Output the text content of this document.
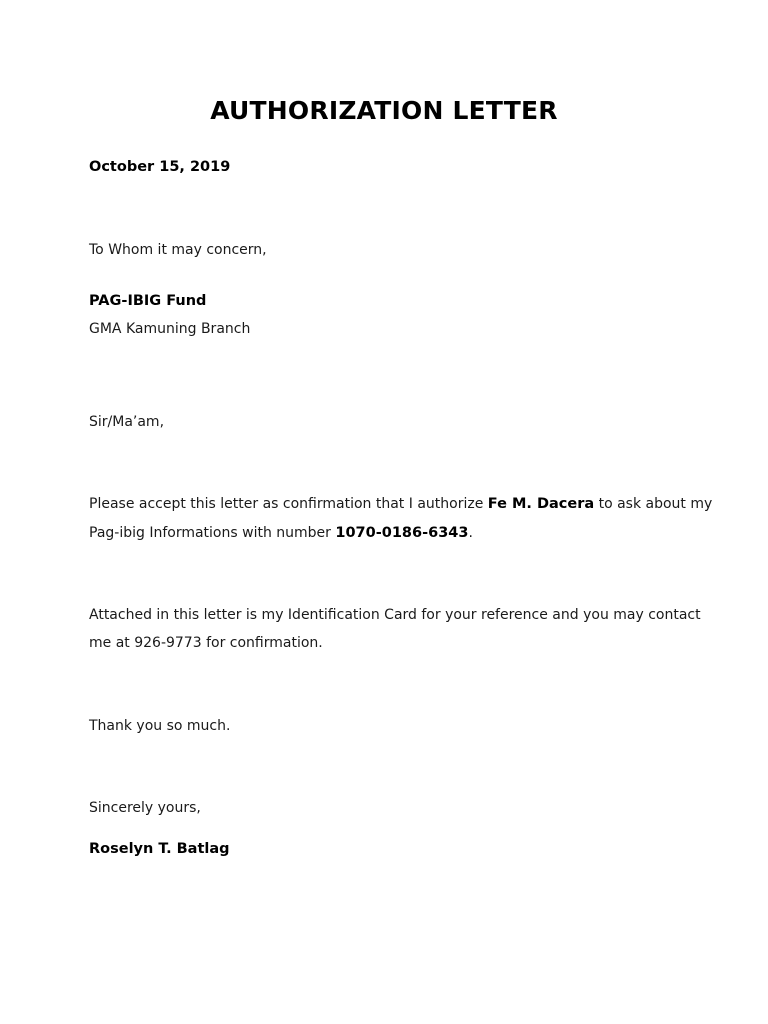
AUTHORIZATION LETTER
October 15, 2019
To Whom it may concern,
PAG-IBIG Fund
GMA Kamuning Branch
Sir/Ma’am,
Please accept this letter as confirmation that I authorize Fe M. Dacera to ask about my
Pag-ibig Informations with number 1070-0186-6343.
Attached in this letter is my Identification Card for your reference and you may contact
me at 926-9773 for confirmation.
Thank you so much.
Sincerely yours,
Roselyn T. Batlag
